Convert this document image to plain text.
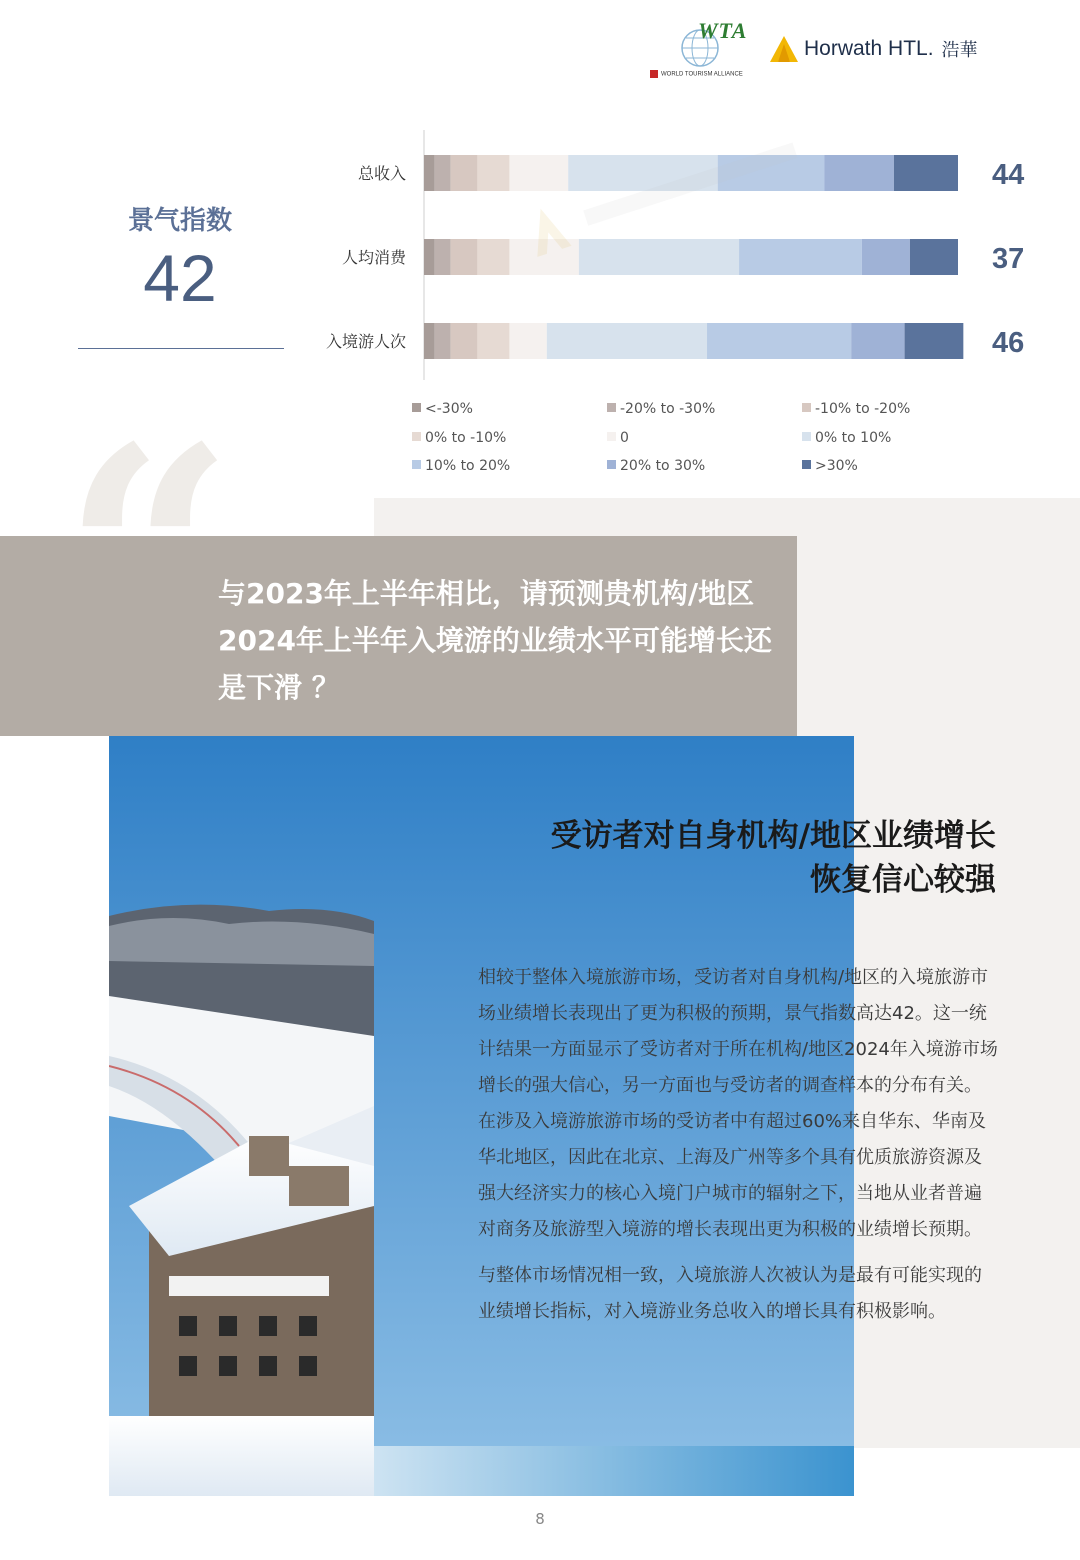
WTA
WORLD TOURISM ALLIANCE
Horwath HTL. 浩華
景气指数
42
总收入	44
人均消费	37
入境游人次	46
<-30%	-20% to -30%	-10% to -20%
0% to -10%	0	0% to 10%
10% to 20%	20% to 30%	>30%
与2023年上半年相比，请预测贵机构/地区2024年上半年入境游的业绩水平可能增长还是下滑 ？
受访者对自身机构/地区业绩增长
恢复信心较强

相较于整体入境旅游市场，受访者对自身机构/地区的入境旅游市场业绩增长表现出了更为积极的预期，景气指数高达42。这一统计结果一方面显示了受访者对于所在机构/地区2024年入境游市场增长的强大信心，另一方面也与受访者的调查样本的分布有关。在涉及入境游旅游市场的受访者中有超过60%来自华东、华南及华北地区，因此在北京、上海及广州等多个具有优质旅游资源及强大经济实力的核心入境门户城市的辐射之下，当地从业者普遍对商务及旅游型入境游的增长表现出更为积极的业绩增长预期。

与整体市场情况相一致，入境旅游人次被认为是最有可能实现的业绩增长指标，对入境游业务总收入的增长具有积极影响。

8
